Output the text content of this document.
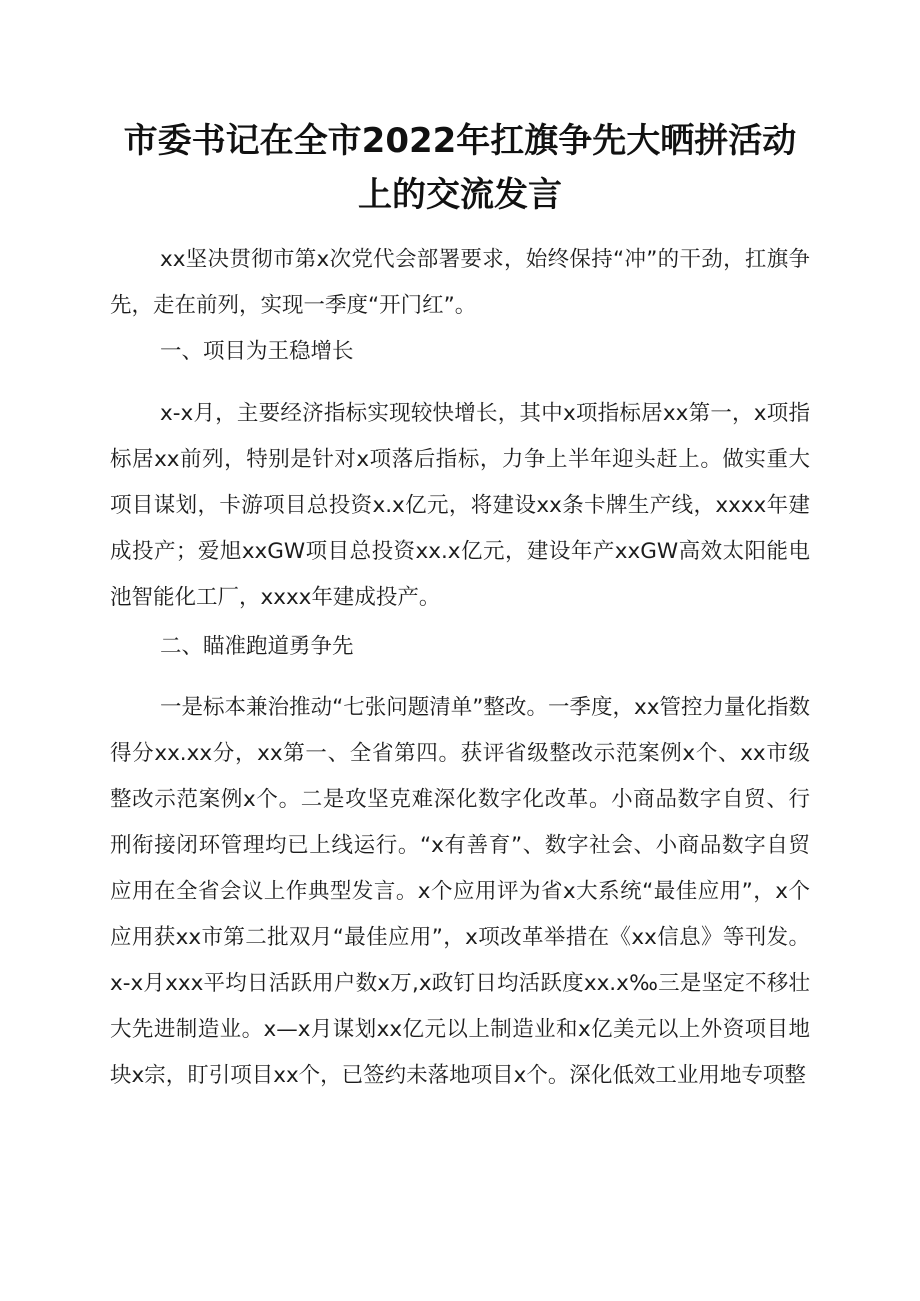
市委书记在全市2022年扛旗争先大晒拼活动
上的交流发言

xx坚决贯彻市第x次党代会部署要求，始终保持“冲”的干劲，扛旗争先，走在前列，实现一季度“开门红”。

一、项目为王稳增长

x-x月，主要经济指标实现较快增长，其中x项指标居xx第一，x项指标居xx前列，特别是针对x项落后指标，力争上半年迎头赶上。做实重大项目谋划，卡游项目总投资x.x亿元，将建设xx条卡牌生产线，xxxx年建成投产；爱旭xxGW项目总投资xx.x亿元，建设年产xxGW高效太阳能电池智能化工厂，xxxx年建成投产。

二、瞄准跑道勇争先

一是标本兼治推动“七张问题清单”整改。一季度，xx管控力量化指数得分xx.xx分，xx第一、全省第四。获评省级整改示范案例x个、xx市级整改示范案例x个。二是攻坚克难深化数字化改革。小商品数字自贸、行刑衔接闭环管理均已上线运行。“x有善育”、数字社会、小商品数字自贸应用在全省会议上作典型发言。x个应用评为省x大系统“最佳应用”，x个应用获xx市第二批双月“最佳应用”，x项改革举措在《xx信息》等刊发。x-x月xxx平均日活跃用户数x万,x政钉日均活跃度xx.x‰三是坚定不移壮大先进制造业。x—x月谋划xx亿元以上制造业和x亿美元以上外资项目地块x宗，盯引项目xx个，已签约未落地项目x个。深化低效工业用地专项整
